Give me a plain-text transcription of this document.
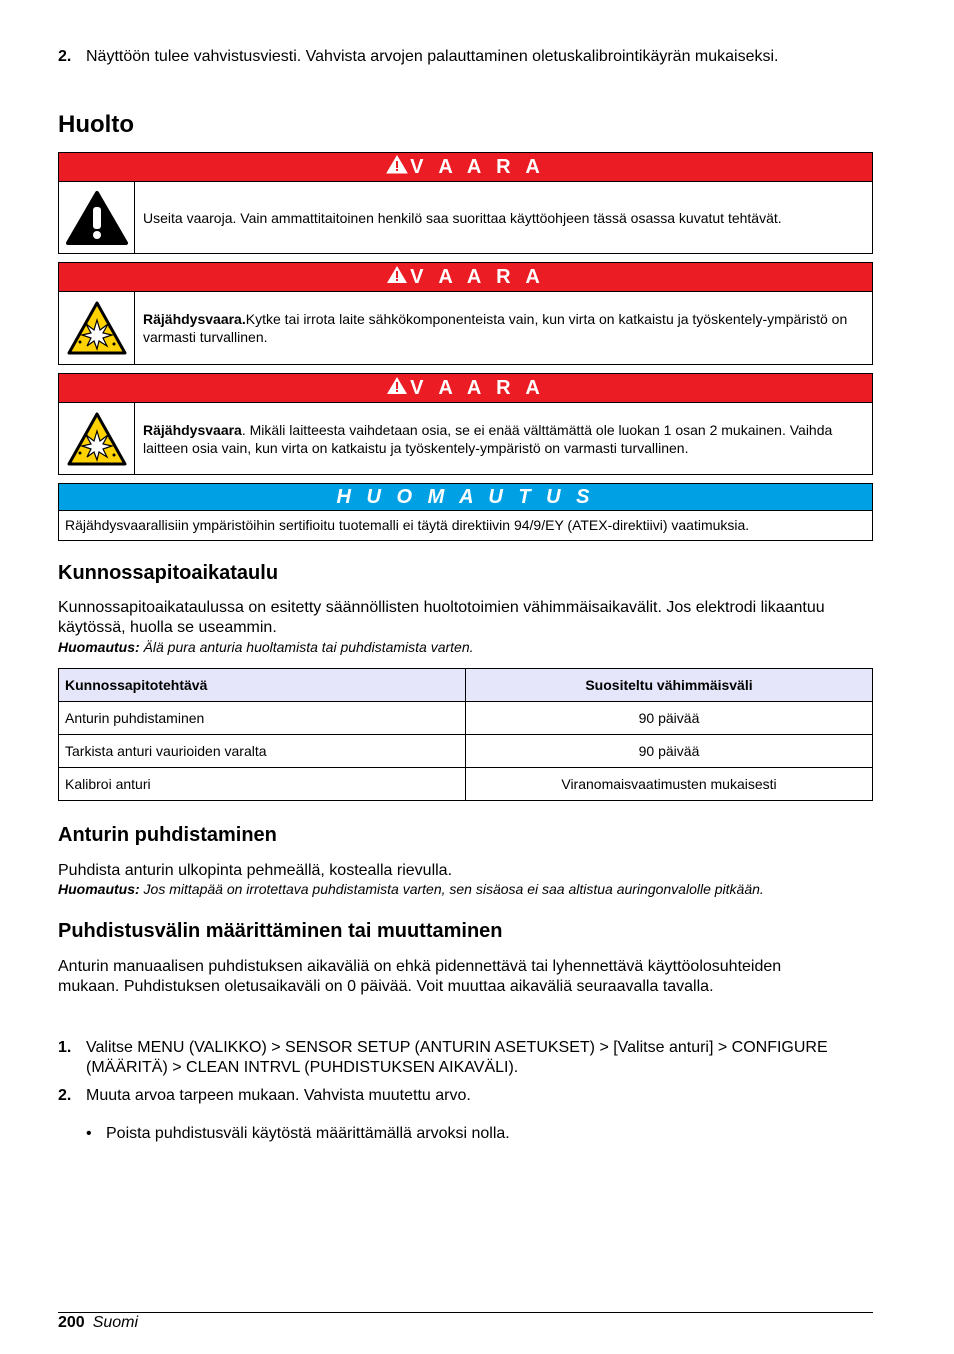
2. Näyttöön tulee vahvistusviesti. Vahvista arvojen palauttaminen oletuskalibrointikäyrän mukaiseksi.
Huolto
V A A R A
Useita vaaroja. Vain ammattitaitoinen henkilö saa suorittaa käyttöohjeen tässä osassa kuvatut tehtävät.
V A A R A
Räjähdysvaara.Kytke tai irrota laite sähkökomponenteista vain, kun virta on katkaistu ja työskentely-ympäristö on varmasti turvallinen.
V A A R A
Räjähdysvaara. Mikäli laitteesta vaihdetaan osia, se ei enää välttämättä ole luokan 1 osan 2 mukainen. Vaihda laitteen osia vain, kun virta on katkaistu ja työskentely-ympäristö on varmasti turvallinen.
H U O M A U T U S
Räjähdysvaarallisiin ympäristöihin sertifioitu tuotemalli ei täytä direktiivin 94/9/EY (ATEX-direktiivi) vaatimuksia.
Kunnossapitoaikataulu
Kunnossapitoaikataulussa on esitetty säännöllisten huoltotoimien vähimmäisaikavälit. Jos elektrodi likaantuu käytössä, huolla se useammin.
Huomautus: Älä pura anturia huoltamista tai puhdistamista varten.
Kunnossapitotehtävä	Suositeltu vähimmäisväli
Anturin puhdistaminen	90 päivää
Tarkista anturi vaurioiden varalta	90 päivää
Kalibroi anturi	Viranomaisvaatimusten mukaisesti
Anturin puhdistaminen
Puhdista anturin ulkopinta pehmeällä, kostealla rievulla.
Huomautus: Jos mittapää on irrotettava puhdistamista varten, sen sisäosa ei saa altistua auringonvalolle pitkään.
Puhdistusvälin määrittäminen tai muuttaminen
Anturin manuaalisen puhdistuksen aikaväliä on ehkä pidennettävä tai lyhennettävä käyttöolosuhteiden mukaan. Puhdistuksen oletusaikaväli on 0 päivää. Voit muuttaa aikaväliä seuraavalla tavalla.
1. Valitse MENU (VALIKKO) > SENSOR SETUP (ANTURIN ASETUKSET) > [Valitse anturi] > CONFIGURE (MÄÄRITÄ) > CLEAN INTRVL (PUHDISTUKSEN AIKAVÄLI).
2. Muuta arvoa tarpeen mukaan. Vahvista muutettu arvo.
• Poista puhdistusväli käytöstä määrittämällä arvoksi nolla.
200 Suomi
